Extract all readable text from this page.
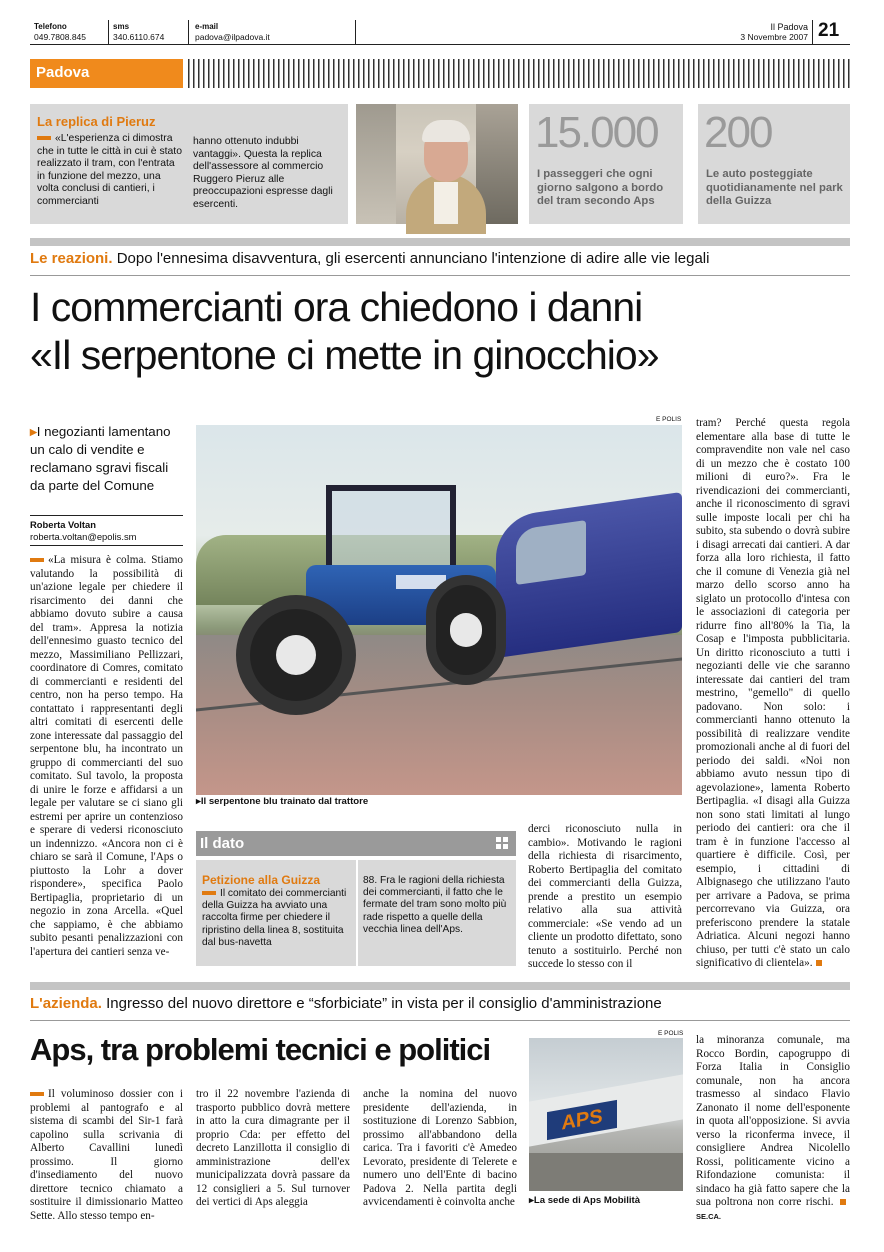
Telefono
049.7808.845
sms
340.6110.674
e-mail
padova@ilpadova.it
Il Padova
3 Novembre 2007 21
Padova
La replica di Pieruz
«L'esperienza ci dimostra che in tutte le città in cui è stato realizzato il tram, con l'entrata in funzione del mezzo, una volta conclusi di cantieri, i commercianti
hanno ottenuto indubbi vantaggi». Questa la replica dell'assessore al commercio Ruggero Pieruz alle preoccupazioni espresse dagli esercenti.
15.000
I passeggeri che ogni giorno salgono a bordo del tram secondo Aps
200
Le auto posteggiate quotidianamente nel park della Guizza
Le reazioni. Dopo l'ennesima disavventura, gli esercenti annunciano l'intenzione di adire alle vie legali
I commercianti ora chiedono i danni
«Il serpentone ci mette in ginocchio»
▸I negozianti lamentano un calo di vendite e reclamano sgravi fiscali da parte del Comune
Roberta Voltan
roberta.voltan@epolis.sm
«La misura è colma. Stiamo valutando la possibilità di un'azione legale per chiedere il risarcimento dei danni che abbiamo dovuto subire a causa del tram». Appresa la notizia dell'ennesimo guasto tecnico del mezzo, Massimiliano Pellizzari, coordinatore di Comres, comitato di commercianti e residenti del centro, non ha perso tempo. Ha contattato i rappresentanti degli altri comitati di esercenti delle zone interessate dal passaggio del serpentone blu, ha incontrato un gruppo di commercianti del suo comitato. Sul tavolo, la proposta di unire le forze e affidarsi a un legale per valutare se ci siano gli estremi per aprire un contenzioso e sperare di vedersi riconosciuto un indennizzo. «Ancora non ci è chiaro se sarà il Comune, l'Aps o piuttosto la Lohr a dover rispondere», specifica Paolo Bertipaglia, proprietario di un negozio in zona Arcella. «Quel che sappiamo, è che abbiamo subito pesanti penalizzazioni con l'apertura dei cantieri senza ve-
E POLIS
▸Il serpentone blu trainato dal trattore
Il dato
Petizione alla Guizza
Il comitato dei commercianti della Guizza ha avviato una raccolta firme per chiedere il ripristino della linea 8, sostituita dal bus-navetta
88. Fra le ragioni della richiesta dei commercianti, il fatto che le fermate del tram sono molto più rade rispetto a quelle della vecchia linea dell'Aps.
derci riconosciuto nulla in cambio». Motivando le ragioni della richiesta di risarcimento, Roberto Bertipaglia del comitato dei commercianti della Guizza, prende a prestito un esempio relativo alla sua attività commerciale: «Se vendo ad un cliente un prodotto difettato, sono tenuto a sostituirlo. Perché non succede lo stesso con il
tram? Perché questa regola elementare alla base di tutte le compravendite non vale nel caso di un mezzo che è costato 100 milioni di euro?». Fra le rivendicazioni dei commercianti, anche il riconoscimento di sgravi sulle imposte locali per chi ha subito, sta subendo o dovrà subire i disagi arrecati dai cantieri. A dar forza alla loro richiesta, il fatto che il comune di Venezia già nel marzo dello scorso anno ha siglato un protocollo d'intesa con le associazioni di categoria per ridurre fino all'80% la Tia, la Cosap e l'imposta pubblicitaria. Un diritto riconosciuto a tutti i negozianti delle vie che saranno interessate dai cantieri del tram mestrino, "gemello" di quello padovano. Non solo: i commercianti hanno ottenuto la possibilità di realizzare vendite promozionali anche al di fuori del periodo dei saldi. «Noi non abbiamo avuto nessun tipo di agevolazione», lamenta Roberto Bertipaglia. «I disagi alla Guizza non sono stati limitati al lungo periodo dei cantieri: ora che il tram è in funzione l'accesso al quartiere è difficile. Così, per esempio, i cittadini di Albignasego che utilizzano l'auto per arrivare a Padova, se prima percorrevano via Guizza, ora preferiscono prendere la statale Adriatica. Alcuni negozi hanno chiuso, per tutti c'è stato un calo significativo di clientela».
L'azienda. Ingresso del nuovo direttore e “sforbiciate” in vista per il consiglio d'amministrazione
Aps, tra problemi tecnici e politici
Il voluminoso dossier con i problemi al pantografo e al sistema di scambi del Sir-1 farà capolino sulla scrivania di Alberto Cavallini lunedì prossimo. Il giorno d'insediamento del nuovo direttore tecnico chiamato a sostituire il dimissionario Matteo Sette. Allo stesso tempo en-
tro il 22 novembre l'azienda di trasporto pubblico dovrà mettere in atto la cura dimagrante per il proprio Cda: per effetto del decreto Lanzillotta il consiglio di amministrazione dell'ex municipalizzata dovrà passare da 12 consiglieri a 5. Sul turnover dei vertici di Aps aleggia
anche la nomina del nuovo presidente dell'azienda, in sostituzione di Lorenzo Sabbion, prossimo all'abbandono della carica. Tra i favoriti c'è Amedeo Levorato, presidente di Telerete e numero uno dell'Ente di bacino Padova 2. Nella partita degli avvicendamenti è coinvolta anche
E POLIS
APS
▸La sede di Aps Mobilità
la minoranza comunale, ma Rocco Bordin, capogruppo di Forza Italia in Consiglio comunale, non ha ancora trasmesso al sindaco Flavio Zanonato il nome dell'esponente in quota all'opposizione. Si avvia verso la riconferma invece, il consigliere Andrea Nicolello Rossi, politicamente vicino a Rifondazione comunista: il sindaco ha già fatto sapere che la sua poltrona non corre rischi. SE.CA.
